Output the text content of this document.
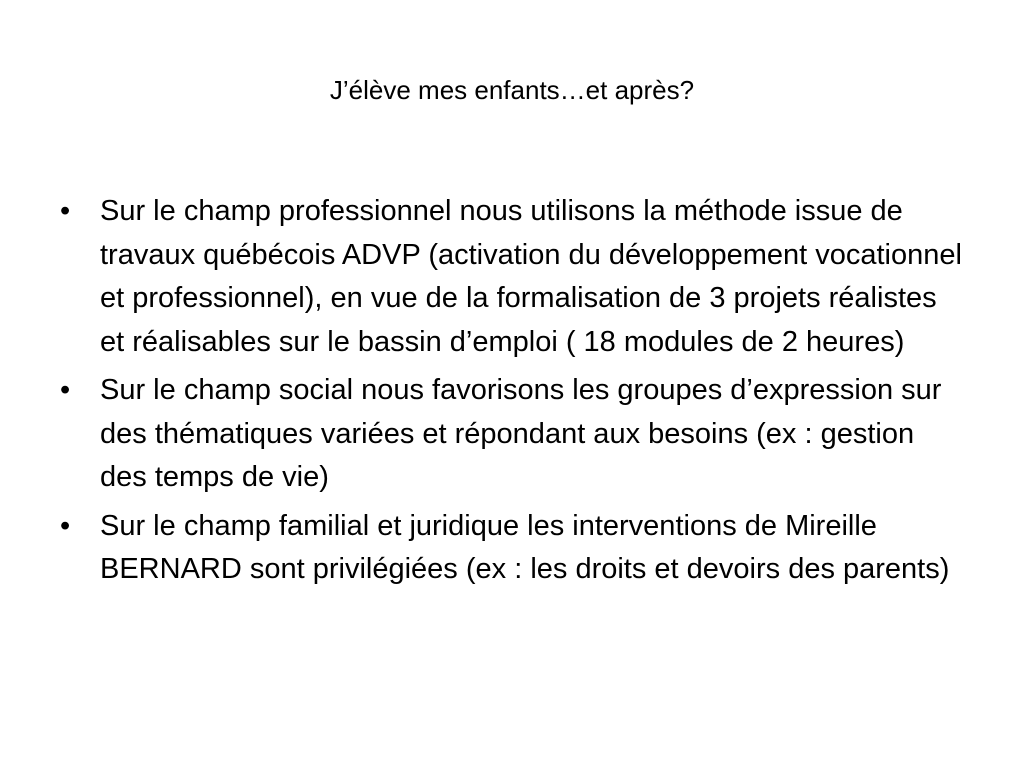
J’élève mes enfants…et après?
•	Sur le champ professionnel nous utilisons la méthode issue de travaux québécois ADVP (activation du développement vocationnel et professionnel), en vue de la formalisation de 3 projets réalistes et réalisables sur le bassin d’emploi ( 18 modules de 2 heures)
•	Sur le champ social nous favorisons les groupes d’expression sur des thématiques variées et répondant aux besoins (ex : gestion des temps de vie)
•	Sur le champ familial et juridique les interventions de Mireille BERNARD sont privilégiées (ex : les droits et devoirs des parents)
